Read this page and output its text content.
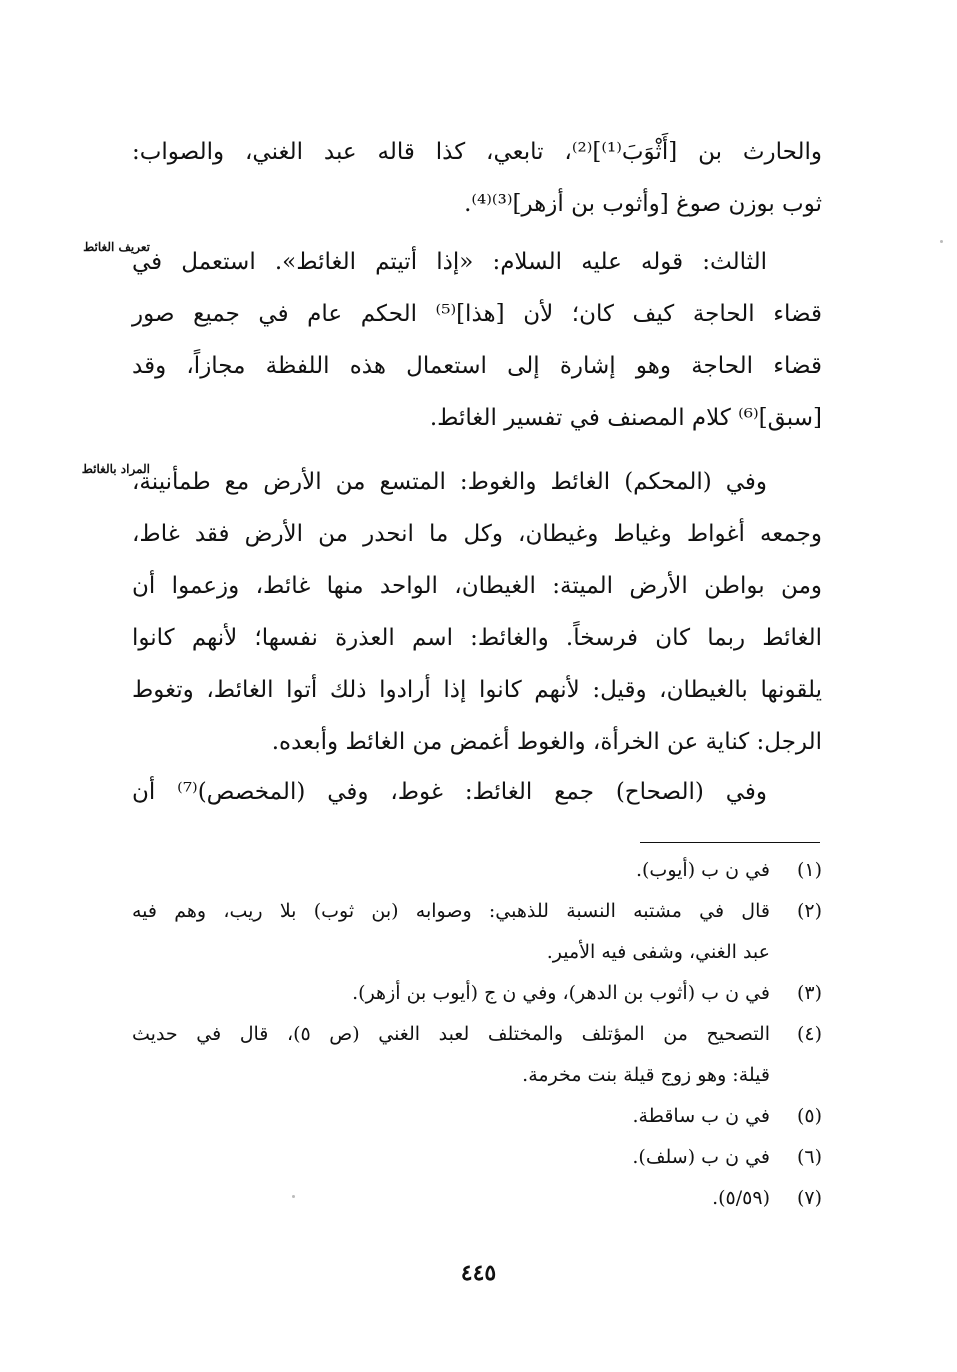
والحارث بن [أَثْوَبَ⁽¹⁾]⁽²⁾، تابعي، كذا قاله عبد الغني، والصواب:
ثوب بوزن صوغ [وأثوب بن أزهر]⁽³⁾⁽⁴⁾.
تعريف الغائط
الثالث: قوله عليه السلام: «إذا أتيتم الغائط». استعمل في
قضاء الحاجة كيف كان؛ لأن [هذا]⁽⁵⁾ الحكم عام في جميع صور
قضاء الحاجة وهو إشارة إلى استعمال هذه اللفظة مجازاً، وقد
[سبق]⁽⁶⁾ كلام المصنف في تفسير الغائط.
المراد بالغائط
وفي (المحكم) الغائط والغوط: المتسع من الأرض مع طمأنينة،
وجمعه أغواط وغياط وغيطان، وكل ما انحدر من الأرض فقد غاط،
ومن بواطن الأرض الميتة: الغيطان، الواحد منها غائط، وزعموا أن
الغائط ربما كان فرسخاً. والغائط: اسم العذرة نفسها؛ لأنهم كانوا
يلقونها بالغيطان، وقيل: لأنهم كانوا إذا أرادوا ذلك أتوا الغائط، وتغوط
الرجل: كناية عن الخرأة، والغوط أغمض من الغائط وأبعده.
وفي (الصحاح) جمع الغائط: غوط، وفي (المخصص)⁽⁷⁾ أن
(١)
في ن ب (أيوب).
(٢)
قال في مشتبه النسبة للذهبي: وصوابه (بن ثوب) بلا ريب، وهم فيه
عبد الغني، وشفى فيه الأمير.
(٣)
في ن ب (أثوب بن الدهر)، وفي ن ج (أيوب بن أزهر).
(٤)
التصحيح من المؤتلف والمختلف لعبد الغني (ص ٥)، قال في حديث
قيلة: وهو زوج قيلة بنت مخرمة.
(٥)
في ن ب ساقطة.
(٦)
في ن ب (سلف).
(٧)
(٥/٥٩).
٤٤٥
